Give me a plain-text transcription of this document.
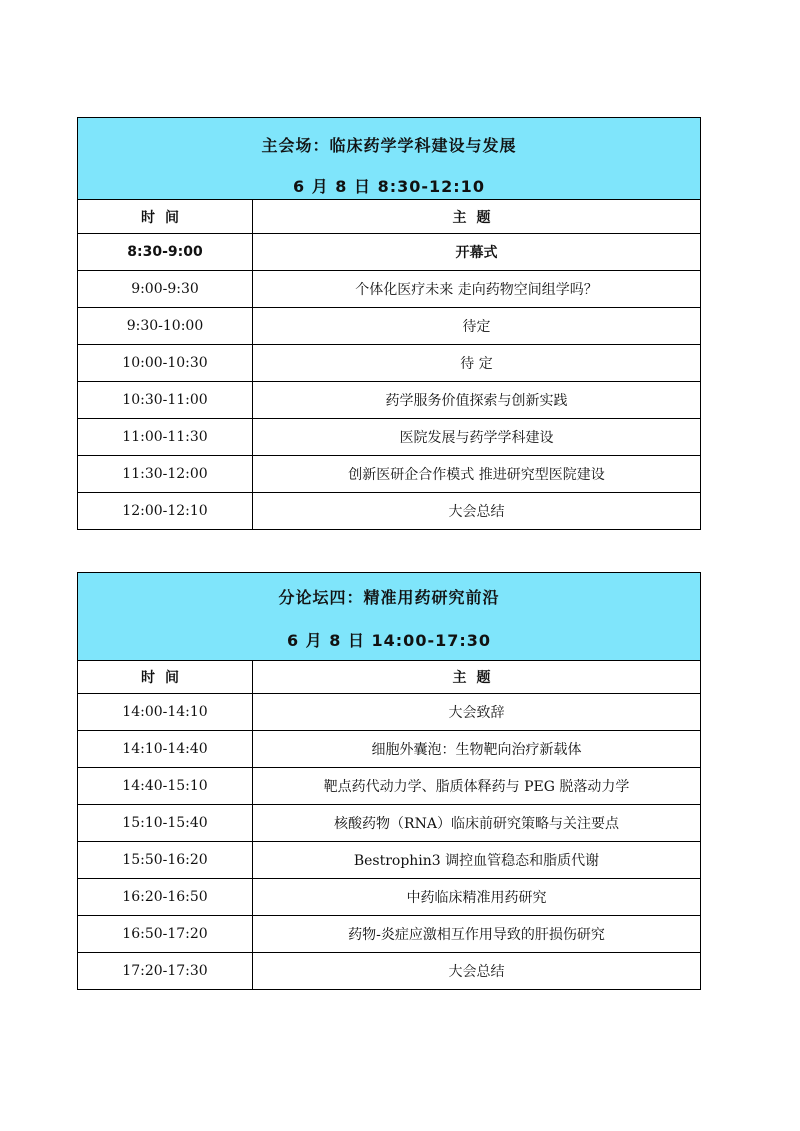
主会场：临床药学学科建设与发展
6 月 8 日 8:30-12:10
时间	主题
8:30-9:00	开幕式
9:00-9:30	个体化医疗未来 走向药物空间组学吗？
9:30-10:00	待定
10:00-10:30	待 定
10:30-11:00	药学服务价值探索与创新实践
11:00-11:30	医院发展与药学学科建设
11:30-12:00	创新医研企合作模式 推进研究型医院建设
12:00-12:10	大会总结
分论坛四：精准用药研究前沿
6 月 8 日 14:00-17:30
时间	主题
14:00-14:10	大会致辞
14:10-14:40	细胞外囊泡：生物靶向治疗新载体
14:40-15:10	靶点药代动力学、脂质体释药与 PEG 脱落动力学
15:10-15:40	核酸药物（RNA）临床前研究策略与关注要点
15:50-16:20	Bestrophin3 调控血管稳态和脂质代谢
16:20-16:50	中药临床精准用药研究
16:50-17:20	药物-炎症应激相互作用导致的肝损伤研究
17:20-17:30	大会总结
